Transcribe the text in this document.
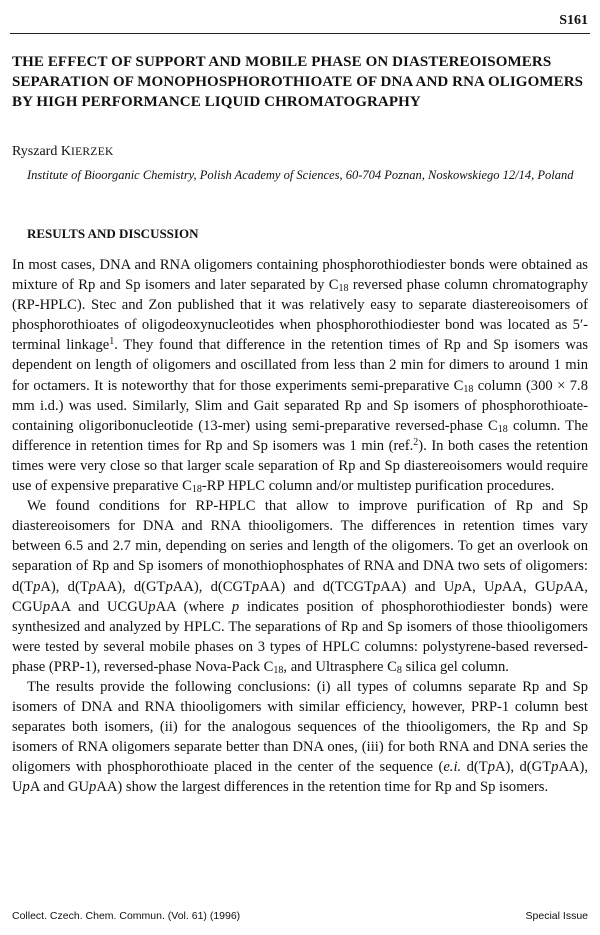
S161
THE EFFECT OF SUPPORT AND MOBILE PHASE ON DIASTEREOISOMERS SEPARATION OF MONOPHOSPHOROTHIOATE OF DNA AND RNA OLIGOMERS BY HIGH PERFORMANCE LIQUID CHROMATOGRAPHY
Ryszard KIERZEK
Institute of Bioorganic Chemistry, Polish Academy of Sciences, 60-704 Poznan, Noskowskiego 12/14, Poland
RESULTS AND DISCUSSION

In most cases, DNA and RNA oligomers containing phosphorothiodiester bonds were obtained as mixture of Rp and Sp isomers and later separated by $C_{18}$ reversed phase column chromatography (RP-HPLC). Stec and Zon published that it was relatively easy to separate diastereoisomers of phosphorothioates of oligodeoxynucleotides when phosphorothiodiester bond was located as 5′-terminal linkage$^1$. They found that difference in the retention times of Rp and Sp isomers was dependent on length of oligomers and oscillated from less than 2 min for dimers to around 1 min for octamers. It is noteworthy that for those experiments semi-preparative $C_{18}$ column (300 × 7.8 mm i.d.) was used. Similarly, Slim and Gait separated Rp and Sp isomers of phosphorothioate-containing oligoribonucleotide (13-mer) using semi-preparative reversed-phase $C_{18}$ column. The difference in retention times for Rp and Sp isomers was 1 min (ref.$^2$). In both cases the retention times were very close so that larger scale separation of Rp and Sp diastereoisomers would require use of expensive preparative $C_{18}-RP$ HPLC column and/or multistep purification procedures.

We found conditions for RP-HPLC that allow to improve purification of Rp and Sp diastereoisomers for DNA and RNA thiooligomers. The differences in retention times vary between 6.5 and 2.7 min, depending on series and length of the oligomers. To get an overlook on separation of Rp and Sp isomers of monothiophosphates of RNA and DNA two sets of oligomers: d(TpA), d(TpAA), d(GTpAA), d(CGTpAA) and d(TCGTpAA) and UpA, UpAA, GUpAA, CGUpAA and UCGUpAA (where p indicates position of phosphorothiodiester bonds) were synthesized and analyzed by HPLC. The separations of Rp and Sp isomers of those thiooligomers were tested by several mobile phases on 3 types of HPLC columns: polystyrene-based reversed-phase (PRP-1), reversed-phase Nova-Pack $C_{18}$, and Ultrasphere $C_8$ silica gel column.

The results provide the following conclusions: (i) all types of columns separate Rp and Sp isomers of DNA and RNA thiooligomers with similar efficiency, however, PRP-1 column best separates both isomers, (ii) for the analogous sequences of the thiooligomers, the Rp and Sp isomers of RNA oligomers separate better than DNA ones, (iii) for both RNA and DNA series the oligomers with phosphorothioate placed in the center of the sequence (e.i. d(TpA), d(GTpAA), UpA and GUpAA) show the largest differences in the retention time for Rp and Sp isomers.

Collect. Czech. Chem. Commun. (Vol. 61) (1996)	Special Issue
